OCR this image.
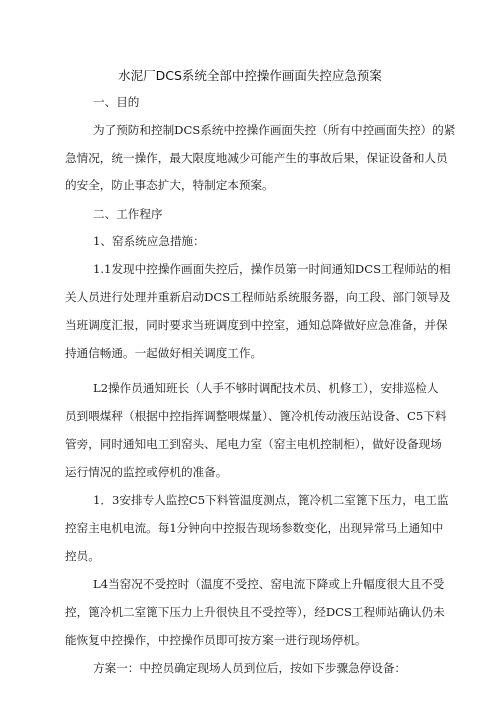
水泥厂DCS系统全部中控操作画面失控应急预案
一、目的
为了预防和控制DCS系统中控操作画面失控（所有中控画面失控）的紧
急情况，统一操作，最大限度地减少可能产生的事故后果，保证设备和人员
的安全，防止事态扩大，特制定本预案。
二、工作程序
1、窑系统应急措施：
1.1发现中控操作画面失控后，操作员第一时间通知DCS工程师站的相
关人员进行处理并重新启动DCS工程师站系统服务器，向工段、部门领导及
当班调度汇报，同时要求当班调度到中控室，通知总降做好应急准备，并保
持通信畅通。一起做好相关调度工作。
L2操作员通知班长（人手不够时调配技术员、机修工），安排巡检人
员到喂煤秤（根据中控指挥调整喂煤量）、篦冷机传动液压站设备、C5下料
管旁，同时通知电工到窑头、尾电力室（窑主电机控制柜），做好设备现场
运行情况的监控或停机的准备。
1．3安排专人监控C5下料管温度测点，篦冷机二室篦下压力，电工监
控窑主电机电流。每1分钟向中控报告现场参数变化，出现异常马上通知中
控员。
L4当窑况不受控时（温度不受控、窑电流下降或上升幅度很大且不受
控，篦冷机二室篦下压力上升很快且不受控等），经DCS工程师站确认仍未
能恢复中控操作，中控操作员即可按方案一进行现场停机。
方案一：中控员确定现场人员到位后，按如下步骤急停设备：
